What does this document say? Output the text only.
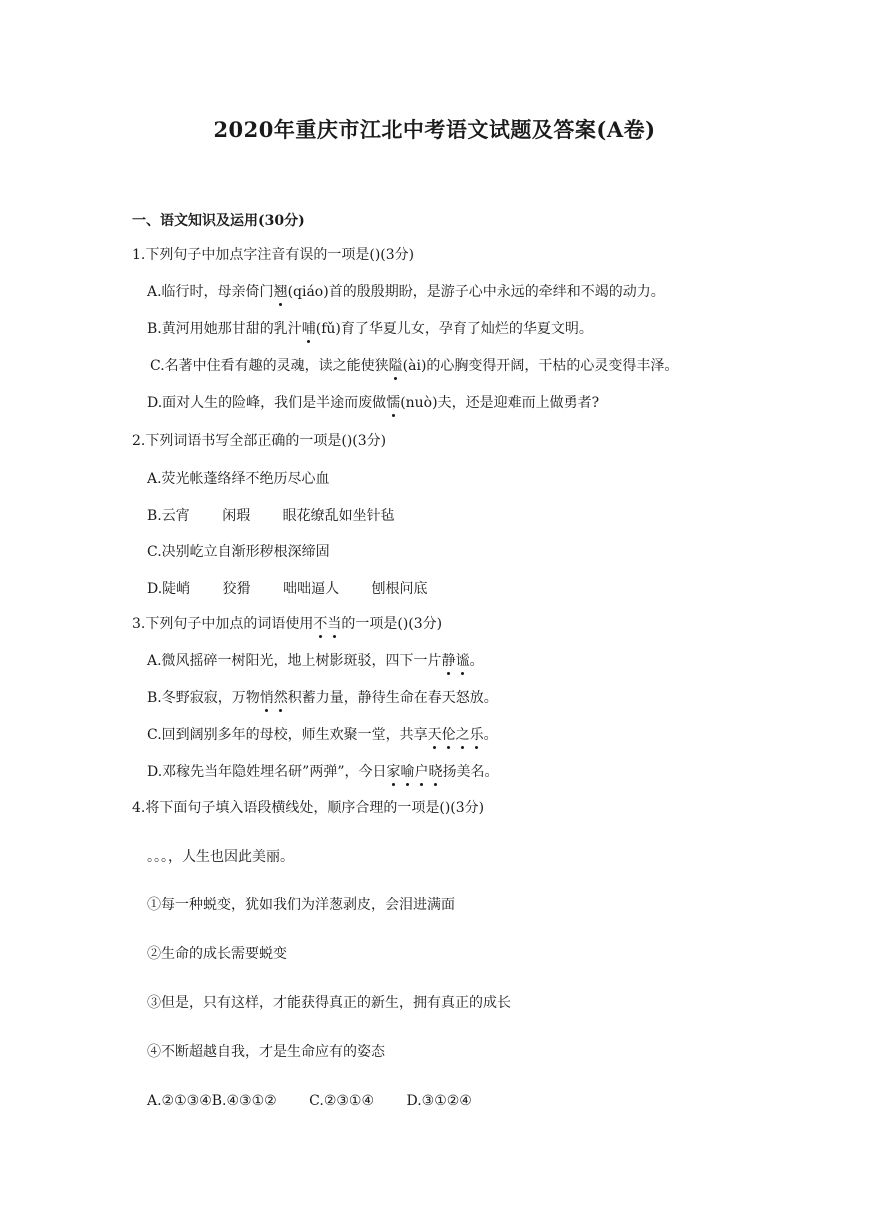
2020年重庆市江北中考语文试题及答案(A卷)
一、语文知识及运用(30分)
1.下列句子中加点字注音有误的一项是()(3分)
A.临行时，母亲倚门翘(qiáo)首的殷殷期盼，是游子心中永远的牵绊和不竭的动力。
B.黄河用她那甘甜的乳汁哺(fǔ)育了华夏儿女，孕育了灿烂的华夏文明。
C.名著中住看有趣的灵魂，读之能使狭隘(ài)的心胸变得开阔，干枯的心灵变得丰泽。
D.面对人生的险峰，我们是半途而废做懦(nuò)夫，还是迎难而上做勇者?
2.下列词语书写全部正确的一项是()(3分)
A.荧光帐蓬络绎不绝历尽心血
B.云宵　　 闲瑕　　 眼花缭乱如坐针毡
C.决别屹立自渐形秽根深缔固
D.陡峭　　 狡猾　　 咄咄逼人　　 刨根问底
3.下列句子中加点的词语使用不当的一项是()(3分)
A.微风摇碎一树阳光，地上树影斑驳，四下一片静谧。
B.冬野寂寂，万物悄然积蓄力量，静待生命在春天怒放。
C.回到阔别多年的母校，师生欢聚一堂，共享天伦之乐。
D.邓稼先当年隐姓埋名研”两弹”，今日家喻户晓扬美名。
4.将下面句子填入语段横线处，顺序合理的一项是()(3分)
。。。，人生也因此美丽。
①每一种蜕变，犹如我们为洋葱剥皮，会泪进满面
②生命的成长需要蜕变
③但是，只有这样，才能获得真正的新生，拥有真正的成长
④不断超越自我，才是生命应有的姿态
A.②①③④B.④③①②　　 C.②③①④　　 D.③①②④
